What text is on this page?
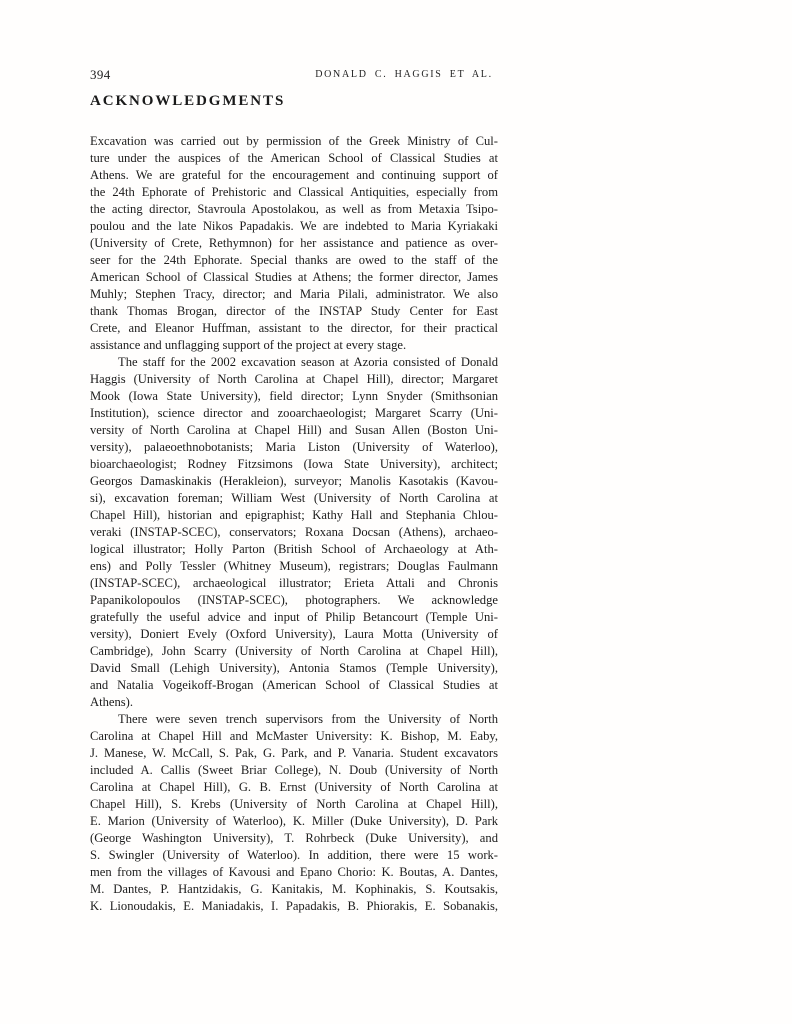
394	DONALD C. HAGGIS ET AL.
ACKNOWLEDGMENTS

Excavation was carried out by permission of the Greek Ministry of Cul-
ture under the auspices of the American School of Classical Studies at
Athens. We are grateful for the encouragement and continuing support of
the 24th Ephorate of Prehistoric and Classical Antiquities, especially from
the acting director, Stavroula Apostolakou, as well as from Metaxia Tsipo-
poulou and the late Nikos Papadakis. We are indebted to Maria Kyriakaki
(University of Crete, Rethymnon) for her assistance and patience as over-
seer for the 24th Ephorate. Special thanks are owed to the staff of the
American School of Classical Studies at Athens; the former director, James
Muhly; Stephen Tracy, director; and Maria Pilali, administrator. We also
thank Thomas Brogan, director of the INSTAP Study Center for East
Crete, and Eleanor Huffman, assistant to the director, for their practical
assistance and unflagging support of the project at every stage.

The staff for the 2002 excavation season at Azoria consisted of Donald
Haggis (University of North Carolina at Chapel Hill), director; Margaret
Mook (Iowa State University), field director; Lynn Snyder (Smithsonian
Institution), science director and zooarchaeologist; Margaret Scarry (Uni-
versity of North Carolina at Chapel Hill) and Susan Allen (Boston Uni-
versity), palaeoethnobotanists; Maria Liston (University of Waterloo),
bioarchaeologist; Rodney Fitzsimons (Iowa State University), architect;
Georgos Damaskinakis (Herakleion), surveyor; Manolis Kasotakis (Kavou-
si), excavation foreman; William West (University of North Carolina at
Chapel Hill), historian and epigraphist; Kathy Hall and Stephania Chlou-
veraki (INSTAP-SCEC), conservators; Roxana Docsan (Athens), archaeo-
logical illustrator; Holly Parton (British School of Archaeology at Ath-
ens) and Polly Tessler (Whitney Museum), registrars; Douglas Faulmann
(INSTAP-SCEC), archaeological illustrator; Erieta Attali and Chronis
Papanikolopoulos (INSTAP-SCEC), photographers. We acknowledge
gratefully the useful advice and input of Philip Betancourt (Temple Uni-
versity), Doniert Evely (Oxford University), Laura Motta (University of
Cambridge), John Scarry (University of North Carolina at Chapel Hill),
David Small (Lehigh University), Antonia Stamos (Temple University),
and Natalia Vogeikoff-Brogan (American School of Classical Studies at
Athens).

There were seven trench supervisors from the University of North
Carolina at Chapel Hill and McMaster University: K. Bishop, M. Eaby,
J. Manese, W. McCall, S. Pak, G. Park, and P. Vanaria. Student excavators
included A. Callis (Sweet Briar College), N. Doub (University of North
Carolina at Chapel Hill), G. B. Ernst (University of North Carolina at
Chapel Hill), S. Krebs (University of North Carolina at Chapel Hill),
E. Marion (University of Waterloo), K. Miller (Duke University), D. Park
(George Washington University), T. Rohrbeck (Duke University), and
S. Swingler (University of Waterloo). In addition, there were 15 work-
men from the villages of Kavousi and Epano Chorio: K. Boutas, A. Dantes,
M. Dantes, P. Hantzidakis, G. Kanitakis, M. Kophinakis, S. Koutsakis,
K. Lionoudakis, E. Maniadakis, I. Papadakis, B. Phiorakis, E. Sobanakis,
